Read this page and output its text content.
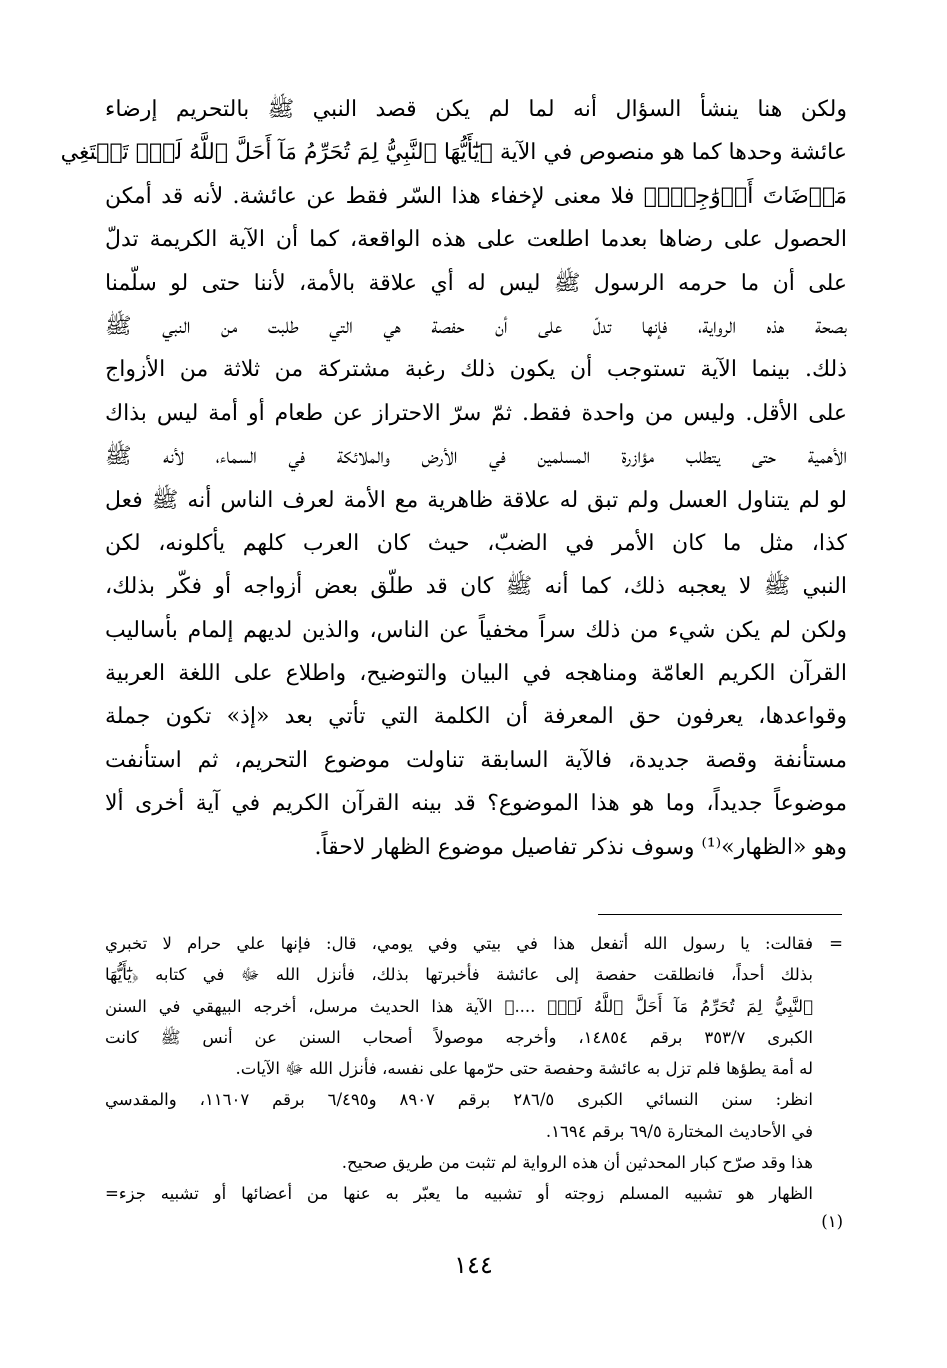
ولكن هنا ينشأ السؤال أنه لما لم يكن قصد النبي ﷺ بالتحريم إرضاء
عائشة وحدها كما هو منصوص في الآية ﴿يَٰٓأَيُّهَا ٱلنَّبِيُّ لِمَ تُحَرِّمُ مَآ أَحَلَّ ٱللَّهُ لَكَۖ تَبۡتَغِي
مَرۡضَاتَ أَزۡوَٰجِكَۚ﴾ فلا معنى لإخفاء هذا السّر فقط عن عائشة. لأنه قد أمكن
الحصول على رضاها بعدما اطلعت على هذه الواقعة، كما أن الآية الكريمة تدلّ
على أن ما حرمه الرسول ﷺ ليس له أي علاقة بالأمة، لأننا حتى لو سلّمنا
بصحة هذه الرواية، فإنها تدلّ على أن حفصة هي التي طلبت من النبي ﷺ
ذلك. بينما الآية تستوجب أن يكون ذلك رغبة مشتركة من ثلاثة من الأزواج
على الأقل. وليس من واحدة فقط. ثمّ سرّ الاحتراز عن طعام أو أمة ليس بذاك
الأهمية حتى يتطلب مؤازرة المسلمين في الأرض والملائكة في السماء، لأنه ﷺ
لو لم يتناول العسل ولم تبق له علاقة ظاهرية مع الأمة لعرف الناس أنه ﷺ فعل
كذا، مثل ما كان الأمر في الضبّ، حيث كان العرب كلهم يأكلونه، لكن
النبي ﷺ لا يعجبه ذلك، كما أنه ﷺ كان قد طلّق بعض أزواجه أو فكّر بذلك،
ولكن لم يكن شيء من ذلك سراً مخفياً عن الناس، والذين لديهم إلمام بأساليب
القرآن الكريم العامّة ومناهجه في البيان والتوضيح، واطلاع على اللغة العربية
وقواعدها، يعرفون حق المعرفة أن الكلمة التي تأتي بعد «إذ» تكون جملة
مستأنفة وقصة جديدة، فالآية السابقة تناولت موضوع التحريم، ثم استأنفت
موضوعاً جديداً، وما هو هذا الموضوع؟ قد بينه القرآن الكريم في آية أخرى ألا
وهو «الظهار»⁽¹⁾ وسوف نذكر تفاصيل موضوع الظهار لاحقاً.
=
فقالت: يا رسول الله أتفعل هذا في بيتي وفي يومي، قال: فإنها علي حرام لا تخبري
بذلك أحداً، فانطلقت حفصة إلى عائشة فأخبرتها بذلك، فأنزل الله ﷻ في كتابه ﴿يَٰٓأَيُّهَا
ٱلنَّبِيُّ لِمَ تُحَرِّمُ مَآ أَحَلَّ ٱللَّهُ لَكَۖ ....﴾ الآية هذا الحديث مرسل، أخرجه البيهقي في السنن
الكبرى ٣٥٣/٧ برقم ١٤٨٥٤، وأخرجه موصولاً أصحاب السنن عن أنس ﷺ كانت
له أمة يطؤها فلم تزل به عائشة وحفصة حتى حرّمها على نفسه، فأنزل الله ﷻ الآيات.
انظر: سنن النسائي الكبرى ٢٨٦/٥ برقم ٨٩٠٧ و٦/٤٩٥ برقم ١١٦٠٧، والمقدسي
في الأحاديث المختارة ٦٩/٥ برقم ١٦٩٤.
هذا وقد صرّح كبار المحدثين أن هذه الرواية لم تثبت من طريق صحيح.
الظهار هو تشبيه المسلم زوجته أو تشبيه ما يعبّر به عنها من أعضائها أو تشبيه جزء=
(١)
١٤٤
